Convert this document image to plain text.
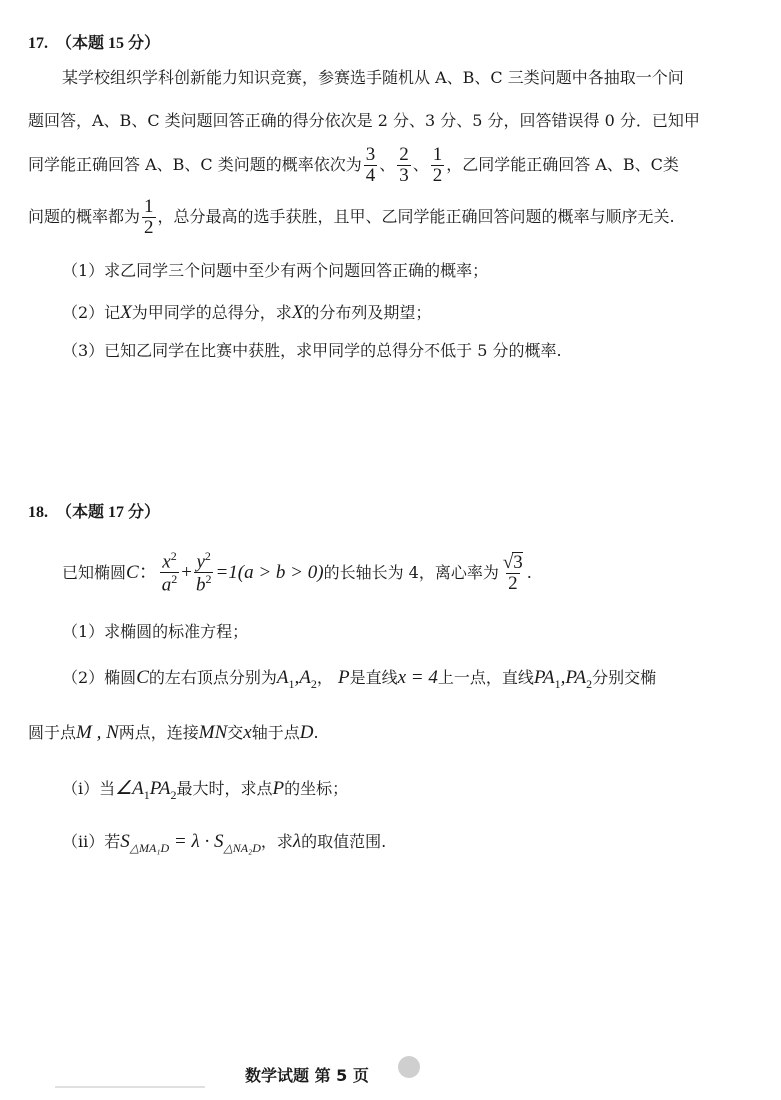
17. （本题 15 分）
某学校组织学科创新能力知识竞赛，参赛选手随机从 A、B、C 三类问题中各抽取一个问
题回答，A、B、C 类问题回答正确的得分依次是 2 分、3 分、5 分，回答错误得 0 分．已知甲
同学能正确回答 A、B、C 类问题的概率依次为 $\frac{3}{4}$ 、 $\frac{2}{3}$ 、 $\frac{1}{2}$ ，乙同学能正确回答 A、B、C类
问题的概率都为 $\frac{1}{2}$ ，总分最高的选手获胜，且甲、乙同学能正确回答问题的概率与顺序无关.
（1）求乙同学三个问题中至少有两个问题回答正确的概率；
（2）记X为甲同学的总得分，求X的分布列及期望；
（3）已知乙同学在比赛中获胜，求甲同学的总得分不低于 5 分的概率.
18. （本题 17 分）
已知椭圆 C ： $\frac{x^2}{a^2} + \frac{y^2}{b^2} =1(a > b > 0)$ 的长轴长为 4，离心率为 $\frac{√3}{2}$ .
（1）求椭圆的标准方程；
（2）椭圆C的左右顶点分别为$A_1,A_2$， P是直线x = 4上一点，直线$PA_1,PA_2$分别交椭
圆于点M , N两点，连接MN交x轴于点D.
（ⅰ）当$\angle A_1PA_2$最大时，求点P的坐标；
（ⅱ）若$S_{\triangle MA_1D} = \lambda \cdot S_{\triangle NA_2D}$，求λ的取值范围.
数学试题 第 5 页
